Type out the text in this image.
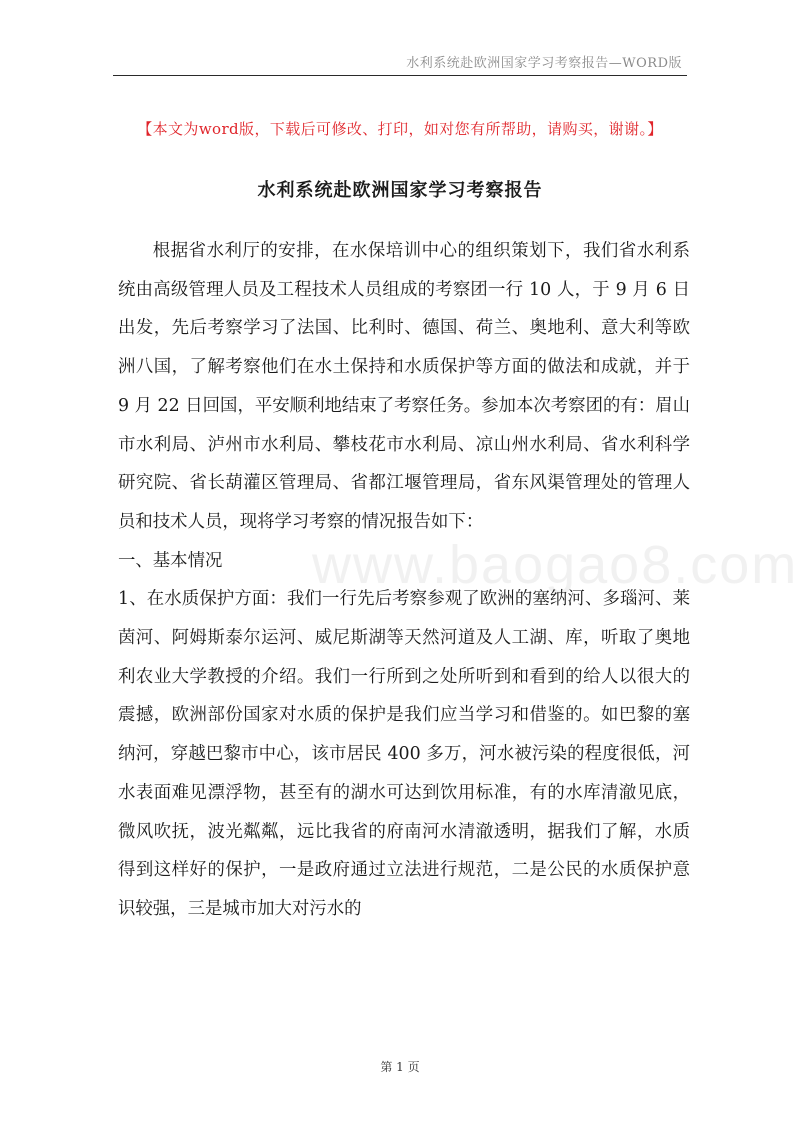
水利系统赴欧洲国家学习考察报告—WORD版
【本文为word版，下载后可修改、打印，如对您有所帮助，请购买，谢谢。】
水利系统赴欧洲国家学习考察报告
www.baogao8.com

根据省水利厅的安排，在水保培训中心的组织策划下，我们省水利系统由高级管理人员及工程技术人员组成的考察团一行 10 人，于 9 月 6 日出发，先后考察学习了法国、比利时、德国、荷兰、奥地利、意大利等欧洲八国，了解考察他们在水土保持和水质保护等方面的做法和成就，并于 9 月 22 日回国，平安顺利地结束了考察任务。参加本次考察团的有：眉山市水利局、泸州市水利局、攀枝花市水利局、凉山州水利局、省水利科学研究院、省长葫灌区管理局、省都江堰管理局，省东风渠管理处的管理人员和技术人员，现将学习考察的情况报告如下：

一、基本情况

1、在水质保护方面：我们一行先后考察参观了欧洲的塞纳河、多瑙河、莱茵河、阿姆斯泰尔运河、威尼斯湖等天然河道及人工湖、库，听取了奥地利农业大学教授的介绍。我们一行所到之处所听到和看到的给人以很大的震撼，欧洲部份国家对水质的保护是我们应当学习和借鉴的。如巴黎的塞纳河，穿越巴黎市中心，该市居民 400 多万，河水被污染的程度很低，河水表面难见漂浮物，甚至有的湖水可达到饮用标准，有的水库清澈见底，微风吹抚，波光粼粼，远比我省的府南河水清澈透明，据我们了解，水质得到这样好的保护，一是政府通过立法进行规范，二是公民的水质保护意识较强，三是城市加大对污水的

第 1 页
